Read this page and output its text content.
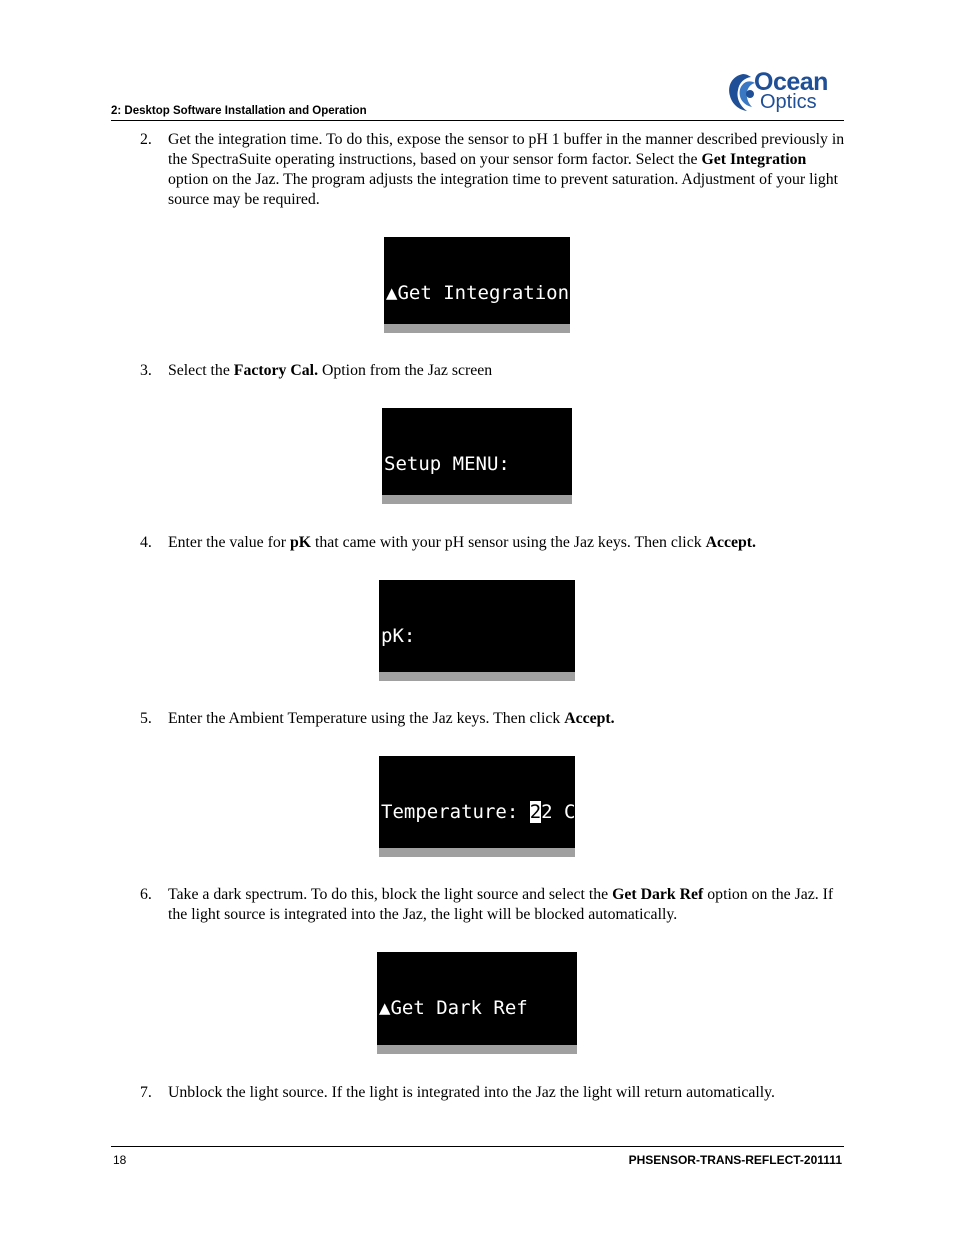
2: Desktop Software Installation and Operation
Ocean
Optics
2. Get the integration time. To do this, expose the sensor to pH 1 buffer in the manner described previously in the SpectraSuite operating instructions, based on your sensor form factor. Select the Get Integration option on the Jaz. The program adjusts the integration time to prevent saturation. Adjustment of your light source may be required.

▲Get Integration

3. Select the Factory Cal. Option from the Jaz screen

Setup MENU:

4. Enter the value for pK that came with your pH sensor using the Jaz keys. Then click Accept.

pK:

5. Enter the Ambient Temperature using the Jaz keys. Then click Accept.

Temperature: 22 C

6. Take a dark spectrum. To do this, block the light source and select the Get Dark Ref option on the Jaz. If the light source is integrated into the Jaz, the light will be blocked automatically.

▲Get Dark Ref

7. Unblock the light source. If the light is integrated into the Jaz the light will return automatically.
18	PHSENSOR-TRANS-REFLECT-201111
